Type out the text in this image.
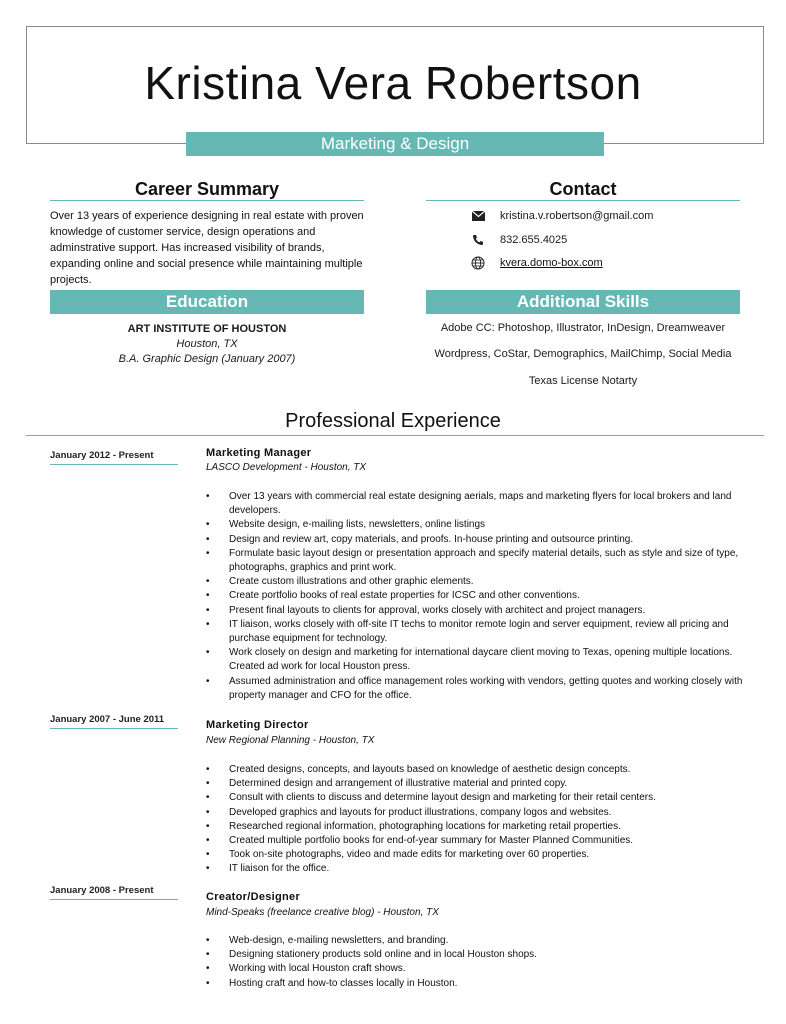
Kristina Vera Robertson
Marketing & Design
Career Summary
Over 13 years of experience designing in real estate with proven knowledge of customer service, design operations and adminstrative support. Has increased visibility of brands, expanding online and social presence while maintaining multiple projects.
Contact
kristina.v.robertson@gmail.com
832.655.4025
kvera.domo-box.com
Education
ART INSTITUTE OF HOUSTON
Houston, TX
B.A. Graphic Design (January 2007)
Additional Skills
Adobe CC: Photoshop, Illustrator, InDesign, Dreamweaver
Wordpress, CoStar, Demographics, MailChimp, Social Media
Texas License Notarty
Professional Experience
January 2012 - Present	Marketing Manager
LASCO Development - Houston, TX
• Over 13 years with commercial real estate designing aerials, maps and marketing flyers for local brokers and land developers.
• Website design, e-mailing lists, newsletters, online listings
• Design and review art, copy materials, and proofs. In-house printing and outsource printing.
• Formulate basic layout design or presentation approach and specify material details, such as style and size of type, photographs, graphics and print work.
• Create custom illustrations and other graphic elements.
• Create portfolio books of real estate properties for ICSC and other conventions.
• Present final layouts to clients for approval, works closely with architect and project managers.
• IT liaison, works closely with off-site IT techs to monitor remote login and server equipment, review all pricing and purchase equipment for technology.
• Work closely on design and marketing for international daycare client moving to Texas, opening multiple locations. Created ad work for local Houston press.
• Assumed administration and office management roles working with vendors, getting quotes and working closely with property manager and CFO for the office.
January 2007 - June 2011	Marketing Director
New Regional Planning - Houston, TX
• Created designs, concepts, and layouts based on knowledge of aesthetic design concepts.
• Determined design and arrangement of illustrative material and printed copy.
• Consult with clients to discuss and determine layout design and marketing for their retail centers.
• Developed graphics and layouts for product illustrations, company logos and websites.
• Researched regional information, photographing locations for marketing retail properties.
• Created multiple portfolio books for end-of-year summary for Master Planned Communities.
• Took on-site photographs, video and made edits for marketing over 60 properties.
• IT liaison for the office.
January 2008 - Present
Creator/Designer
Mind-Speaks (freelance creative blog) - Houston, TX
• Web-design, e-mailing newsletters, and branding.
• Designing stationery products sold online and in local Houston shops.
• Working with local Houston craft shows.
• Hosting craft and how-to classes locally in Houston.
